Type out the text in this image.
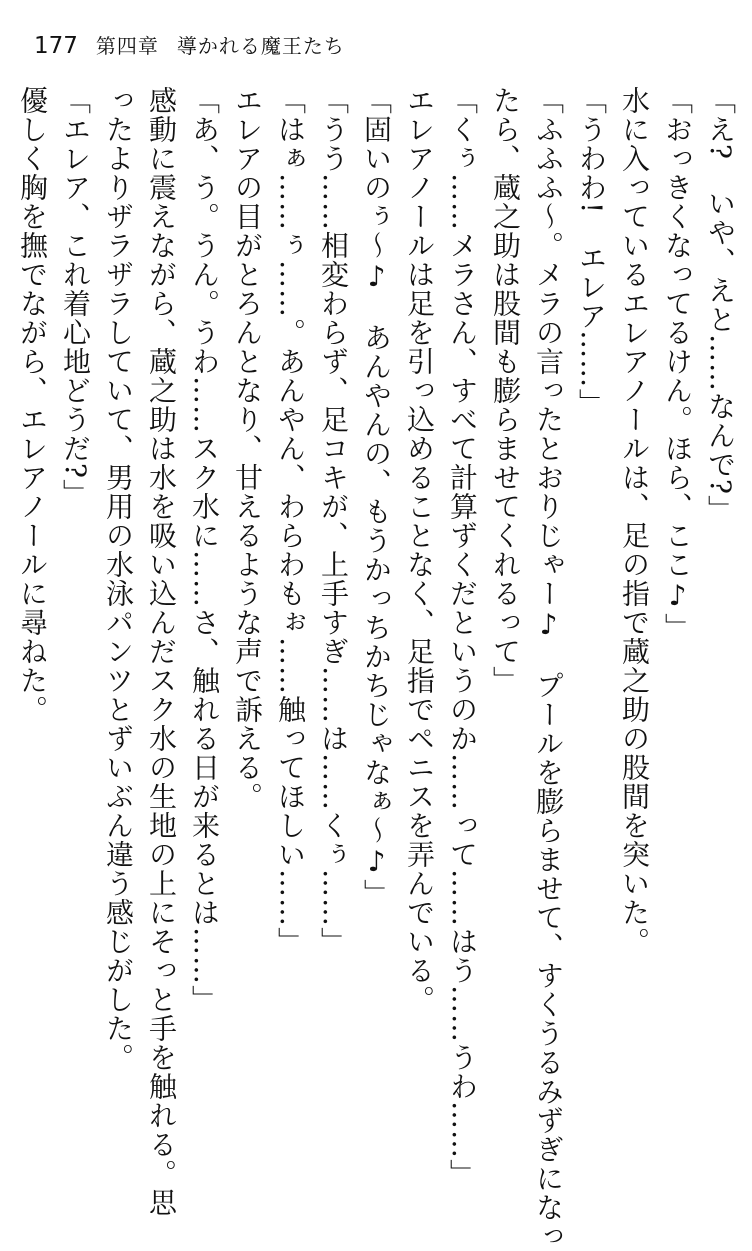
177 第四章 導かれる魔王たち

「え?　いや、えと……なんで?」

「おっきくなってるけん。ほら、ここ♪」

水に入っているエレアノールは、足の指で蔵之助の股間を突いた。

「うわわ!　エレア……」

「ふふふ〜。メラの言ったとおりじゃー♪　プールを膨らませて、すくうるみずぎになっ

たら、蔵之助は股間も膨らませてくれるって」

「くぅ……メラさん、すべて計算ずくだというのか……って……はう……うわ……」

エレアノールは足を引っ込めることなく、足指でペニスを弄んでいる。

「固いのぅ〜♪　あんやんの、もうかっちかちじゃなぁ〜♪」

「うう……相変わらず、足コキが、上手すぎ……は……くぅ……」

「はぁ……ぅ……。あんやん、わらわもぉ……触ってほしい……」

エレアの目がとろんとなり、甘えるような声で訴える。

「あ、う。うん。うわ……スク水に……さ、触れる日が来るとは……」

感動に震えながら、蔵之助は水を吸い込んだスク水の生地の上にそっと手を触れる。思

ったよりザラザラしていて、男用の水泳パンツとずいぶん違う感じがした。

「エレア、これ着心地どうだ?」

優しく胸を撫でながら、エレアノールに尋ねた。
